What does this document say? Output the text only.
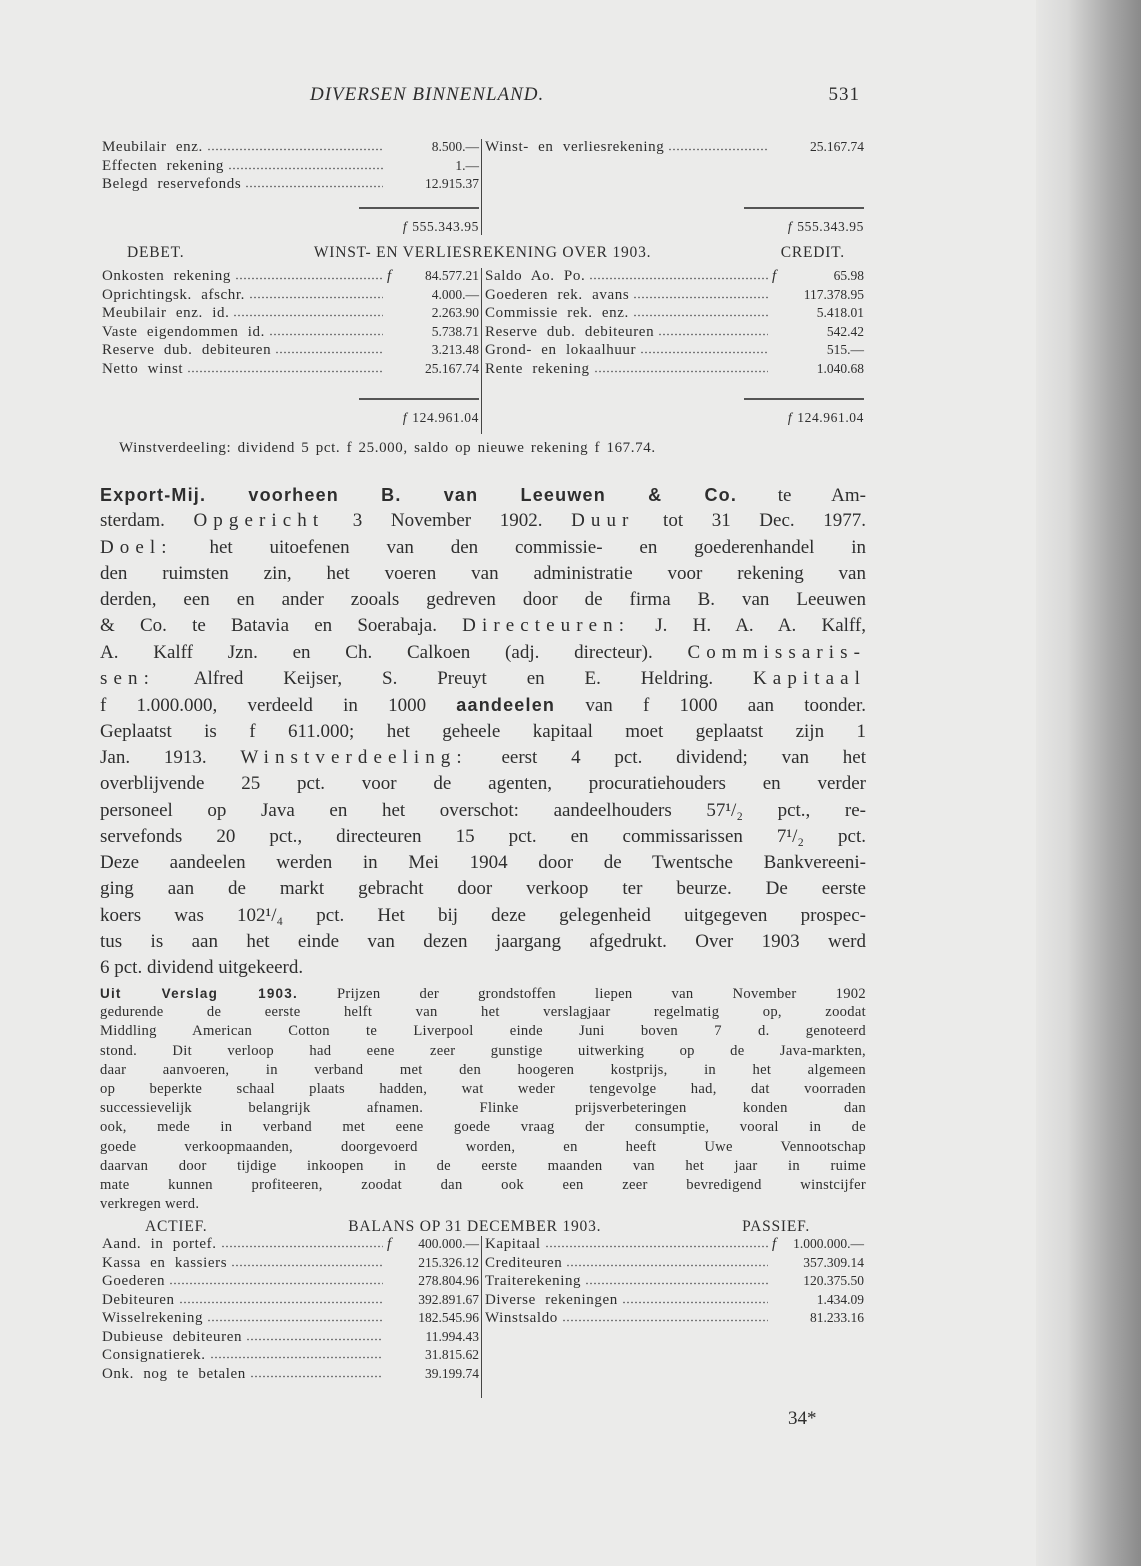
DIVERSEN BINNENLAND.	531
Meubilair enz.	8.500.—
Effecten rekening	1.—
Belegd reservefonds	12.915.37
Winst- en verliesrekening	25.167.74
f 555.343.95	f 555.343.95
DEBET.	WINST- EN VERLIESREKENING OVER 1903.	CREDIT.
Onkosten rekening	f	84.577.21
Oprichtingsk. afschr.	4.000.—
Meubilair enz. id.	2.263.90
Vaste eigendommen id.	5.738.71
Reserve dub. debiteuren	3.213.48
Netto winst	25.167.74
Saldo Ao. Po.	f	65.98
Goederen rek. avans	117.378.95
Commissie rek. enz.	5.418.01
Reserve dub. debiteuren	542.42
Grond- en lokaalhuur	515.—
Rente rekening	1.040.68
f 124.961.04	f 124.961.04
Winstverdeeling: dividend 5 pct. f 25.000, saldo op nieuwe rekening f 167.74.
Export-Mij. voorheen B. van Leeuwen & Co. te Am-
sterdam. Opgericht 3 November 1902. Duur tot 31 Dec. 1977.
Doel: het uitoefenen van den commissie- en goederenhandel in
den ruimsten zin, het voeren van administratie voor rekening van
derden, een en ander zooals gedreven door de firma B. van Leeuwen
& Co. te Batavia en Soerabaja. Directeuren: J. H. A. A. Kalff,
A. Kalff Jzn. en Ch. Calkoen (adj. directeur). Commissaris-
sen: Alfred Keijser, S. Preuyt en E. Heldring. Kapitaal
f 1.000.000, verdeeld in 1000 aandeelen van f 1000 aan toonder.
Geplaatst is f 611.000; het geheele kapitaal moet geplaatst zijn 1
Jan. 1913. Winstverdeeling: eerst 4 pct. dividend; van het
overblijvende 25 pct. voor de agenten, procuratiehouders en verder
personeel op Java en het overschot: aandeelhouders 57¹/₂ pct., re-
servefonds 20 pct., directeuren 15 pct. en commissarissen 7¹/₂ pct.
Deze aandeelen werden in Mei 1904 door de Twentsche Bankvereeni-
ging aan de markt gebracht door verkoop ter beurze. De eerste
koers was 102¹/₄ pct. Het bij deze gelegenheid uitgegeven prospec-
tus is aan het einde van dezen jaargang afgedrukt. Over 1903 werd
6 pct. dividend uitgekeerd.
Uit Verslag 1903. Prijzen der grondstoffen liepen van November 1902
gedurende de eerste helft van het verslagjaar regelmatig op, zoodat
Middling American Cotton te Liverpool einde Juni boven 7 d. genoteerd
stond. Dit verloop had eene zeer gunstige uitwerking op de Java-markten,
daar aanvoeren, in verband met den hoogeren kostprijs, in het algemeen
op beperkte schaal plaats hadden, wat weder tengevolge had, dat voorraden
successievelijk belangrijk afnamen. Flinke prijsverbeteringen konden dan
ook, mede in verband met eene goede vraag der consumptie, vooral in de
goede verkoopmaanden, doorgevoerd worden, en heeft Uwe Vennootschap
daarvan door tijdige inkoopen in de eerste maanden van het jaar in ruime
mate kunnen profiteeren, zoodat dan ook een zeer bevredigend winstcijfer
verkregen werd.
ACTIEF.	BALANS OP 31 DECEMBER 1903.	PASSIEF.
Aand. in portef.	f	400.000.—
Kassa en kassiers	215.326.12
Goederen	278.804.96
Debiteuren	392.891.67
Wisselrekening	182.545.96
Dubieuse debiteuren	11.994.43
Consignatierek.	31.815.62
Onk. nog te betalen	39.199.74
Kapitaal	f	1.000.000.—
Crediteuren	357.309.14
Traiterekening	120.375.50
Diverse rekeningen	1.434.09
Winstsaldo	81.233.16
34*
